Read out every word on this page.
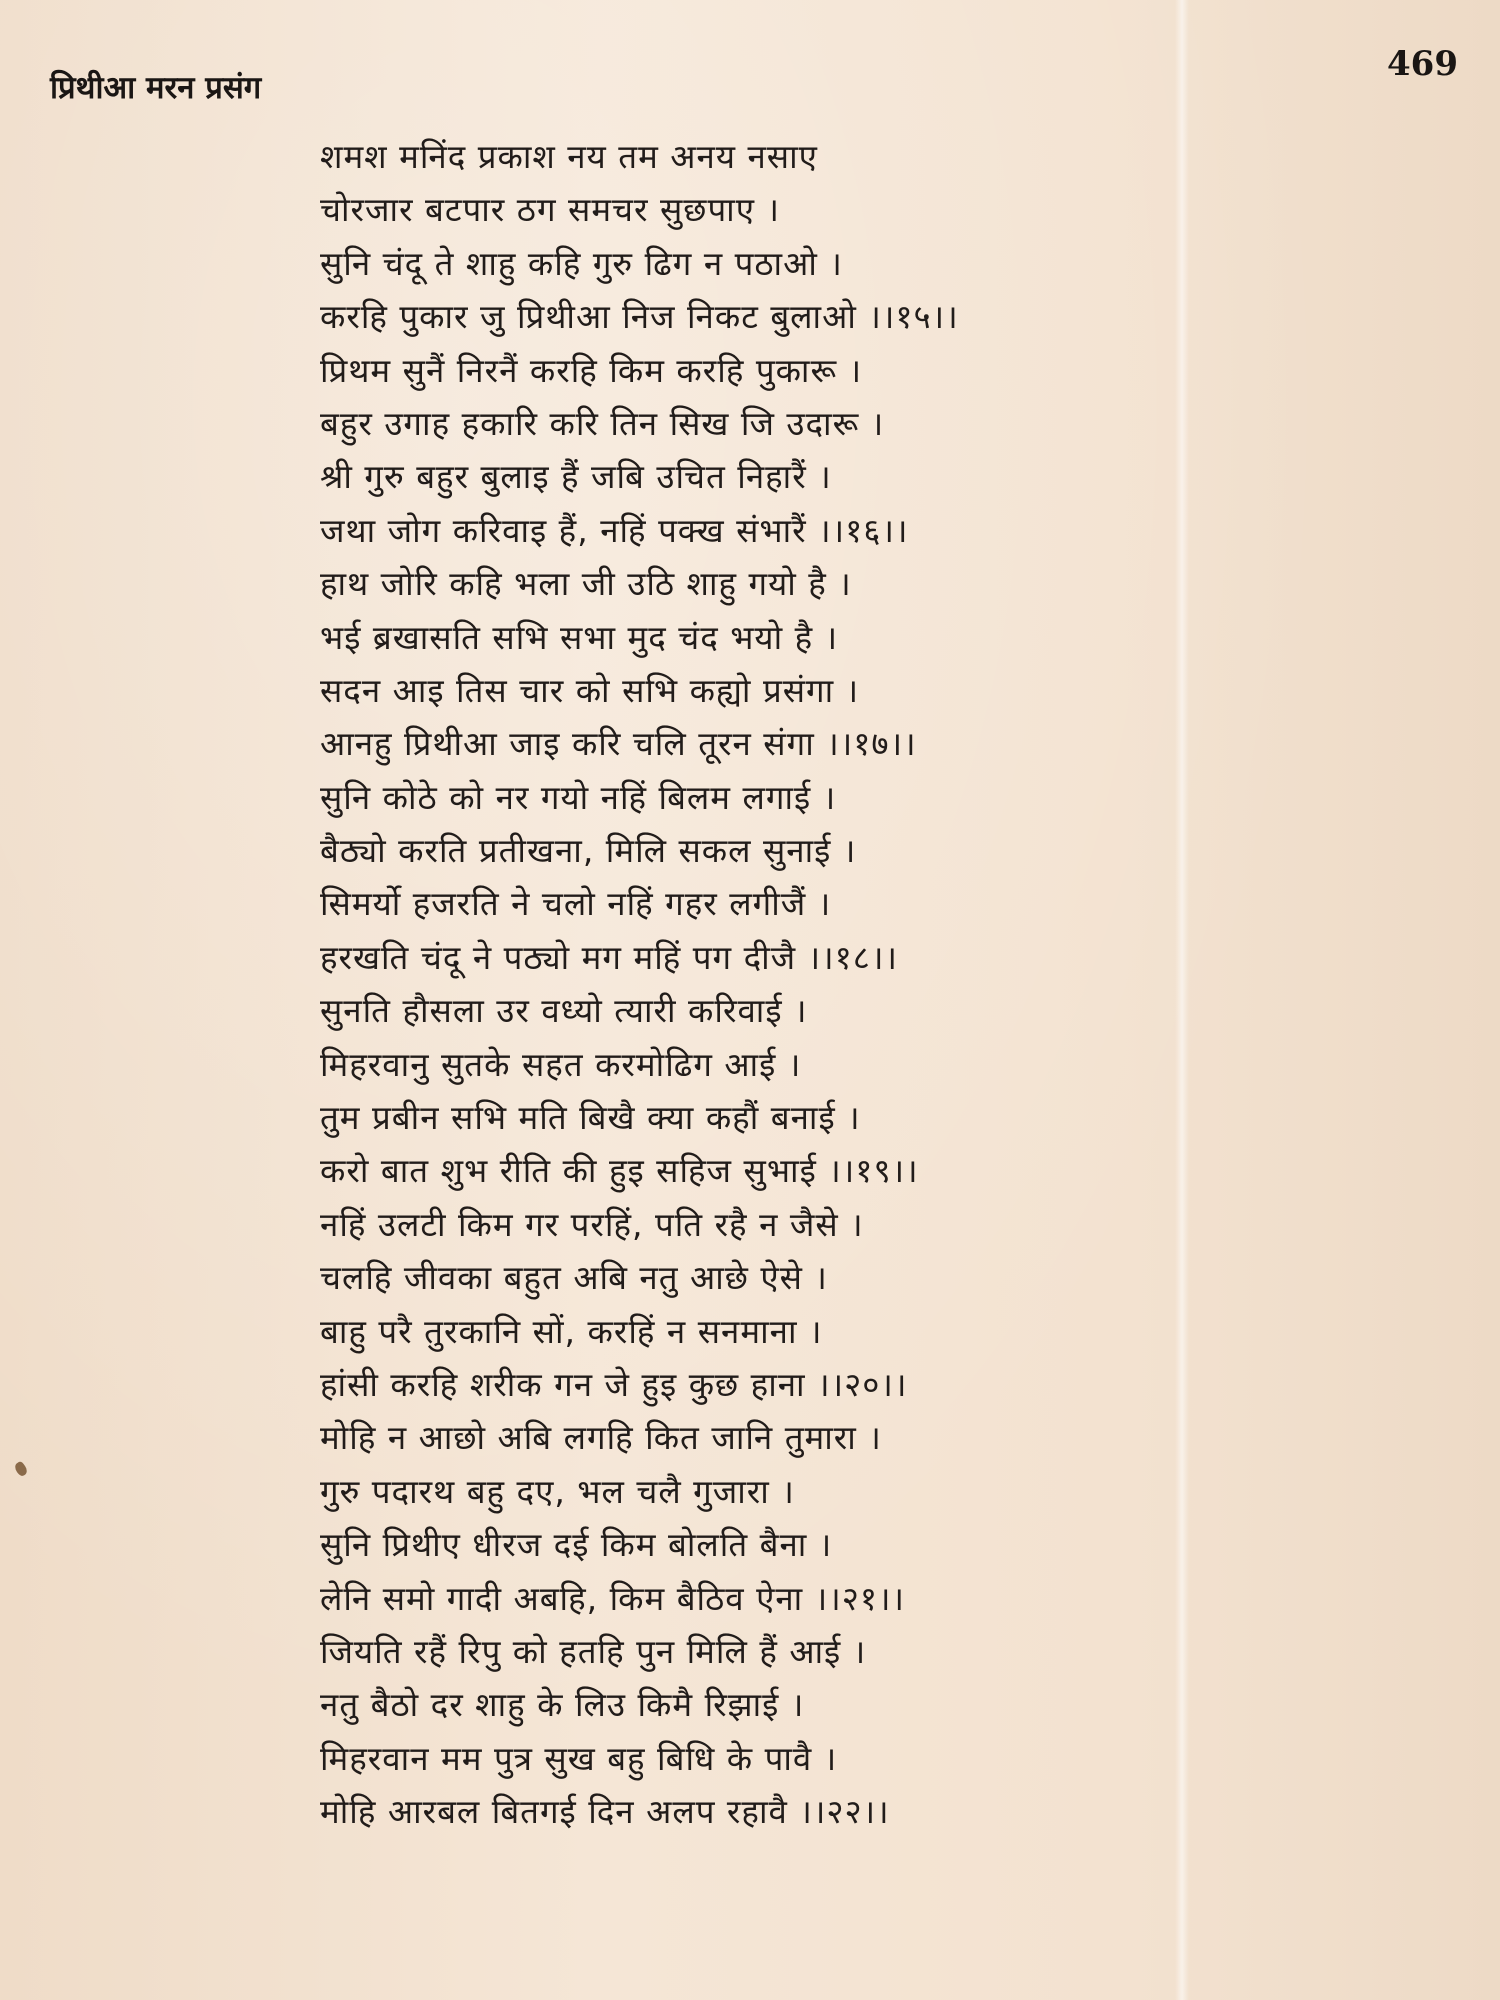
प्रिथीआ मरन प्रसंग
469
शमश मनिंद प्रकाश नय तम अनय नसाए
चोरजार बटपार ठग समचर सुछपाए ।
सुनि चंदू ते शाहु कहि गुरु ढिग न पठाओ ।
करहि पुकार जु प्रिथीआ निज निकट बुलाओ ।।१५।।
प्रिथम सुनैं निरनैं करहि किम करहि पुकारू ।
बहुर उगाह हकारि करि तिन सिख जि उदारू ।
श्री गुरु बहुर बुलाइ हैं जबि उचित निहारैं ।
जथा जोग करिवाइ हैं, नहिं पक्ख संभारैं ।।१६।।
हाथ जोरि कहि भला जी उठि शाहु गयो है ।
भई ब्रखासति सभि सभा मुद चंद भयो है ।
सदन आइ तिस चार को सभि कह्यो प्रसंगा ।
आनहु प्रिथीआ जाइ करि चलि तूरन संगा ।।१७।।
सुनि कोठे को नर गयो नहिं बिलम लगाई ।
बैठ्यो करति प्रतीखना, मिलि सकल सुनाई ।
सिमर्यो हजरति ने चलो नहिं गहर लगीजैं ।
हरखति चंदू ने पठ्यो मग महिं पग दीजै ।।१८।।
सुनति हौसला उर वध्यो त्यारी करिवाई ।
मिहरवानु सुतके सहत करमोढिग आई ।
तुम प्रबीन सभि मति बिखै क्या कहौं बनाई ।
करो बात शुभ रीति की हुइ सहिज सुभाई ।।१९।।
नहिं उलटी किम गर परहिं, पति रहै न जैसे ।
चलहि जीवका बहुत अबि नतु आछे ऐसे ।
बाहु परै तुरकानि सों, करहिं न सनमाना ।
हांसी करहि शरीक गन जे हुइ कुछ हाना ।।२०।।
मोहि न आछो अबि लगहि कित जानि तुमारा ।
गुरु पदारथ बहु दए, भल चलै गुजारा ।
सुनि प्रिथीए धीरज दई किम बोलति बैना ।
लेनि समो गादी अबहि, किम बैठिव ऐना ।।२१।।
जियति रहैं रिपु को हतहि पुन मिलि हैं आई ।
नतु बैठो दर शाहु के लिउ किमै रिझाई ।
मिहरवान मम पुत्र सुख बहु बिधि के पावै ।
मोहि आरबल बितगई दिन अलप रहावै ।।२२।।
